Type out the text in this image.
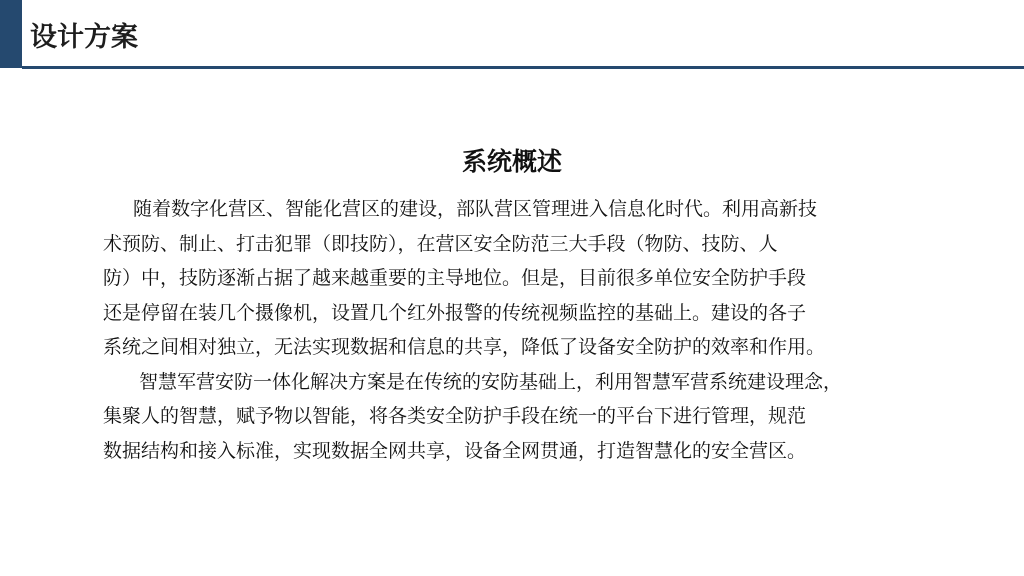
设计方案
系统概述
随着数字化营区、智能化营区的建设，部队营区管理进入信息化时代。利用高新技
术预防、制止、打击犯罪（即技防），在营区安全防范三大手段（物防、技防、人
防）中，技防逐渐占据了越来越重要的主导地位。但是，目前很多单位安全防护手段
还是停留在装几个摄像机，设置几个红外报警的传统视频监控的基础上。建设的各子
系统之间相对独立，无法实现数据和信息的共享，降低了设备安全防护的效率和作用。
智慧军营安防一体化解决方案是在传统的安防基础上，利用智慧军营系统建设理念，
集聚人的智慧，赋予物以智能，将各类安全防护手段在统一的平台下进行管理，规范
数据结构和接入标准，实现数据全网共享，设备全网贯通，打造智慧化的安全营区。
